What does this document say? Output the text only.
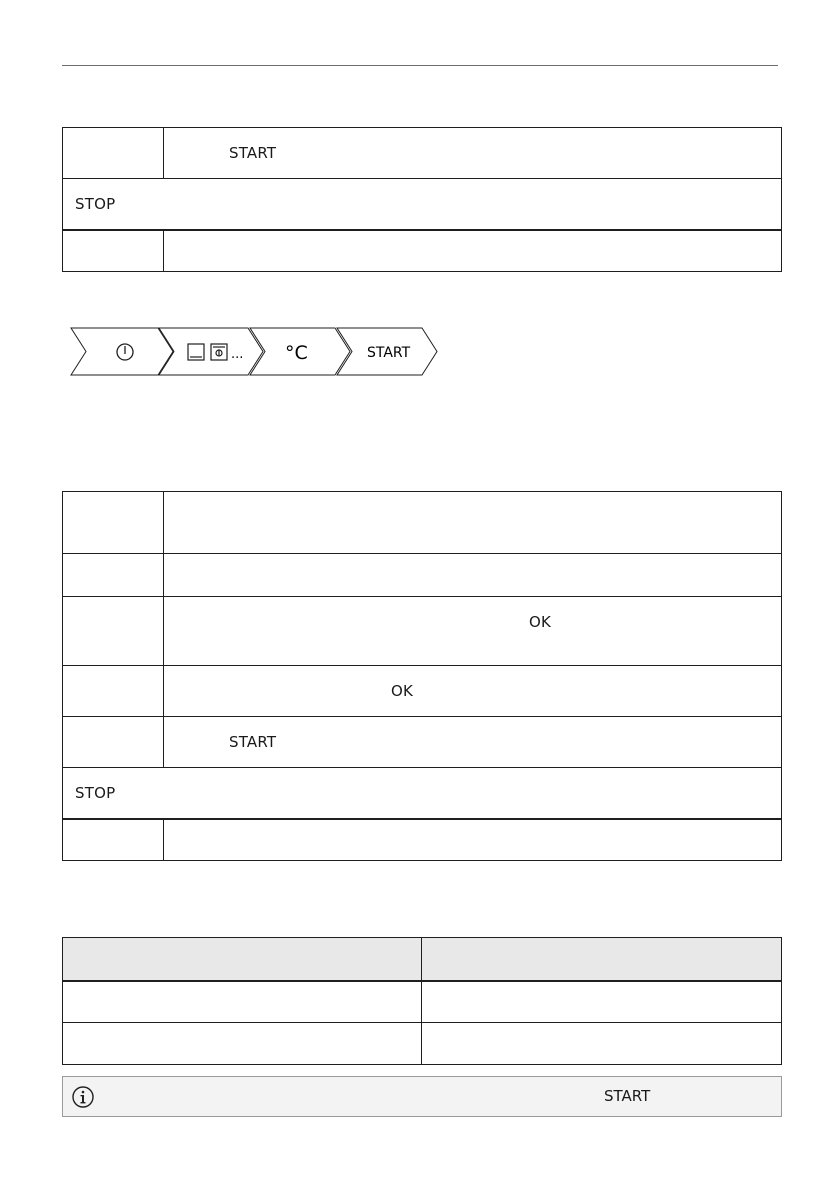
	START
STOP	

... °C	START

	OK
	OK
	START
STOP	

START
